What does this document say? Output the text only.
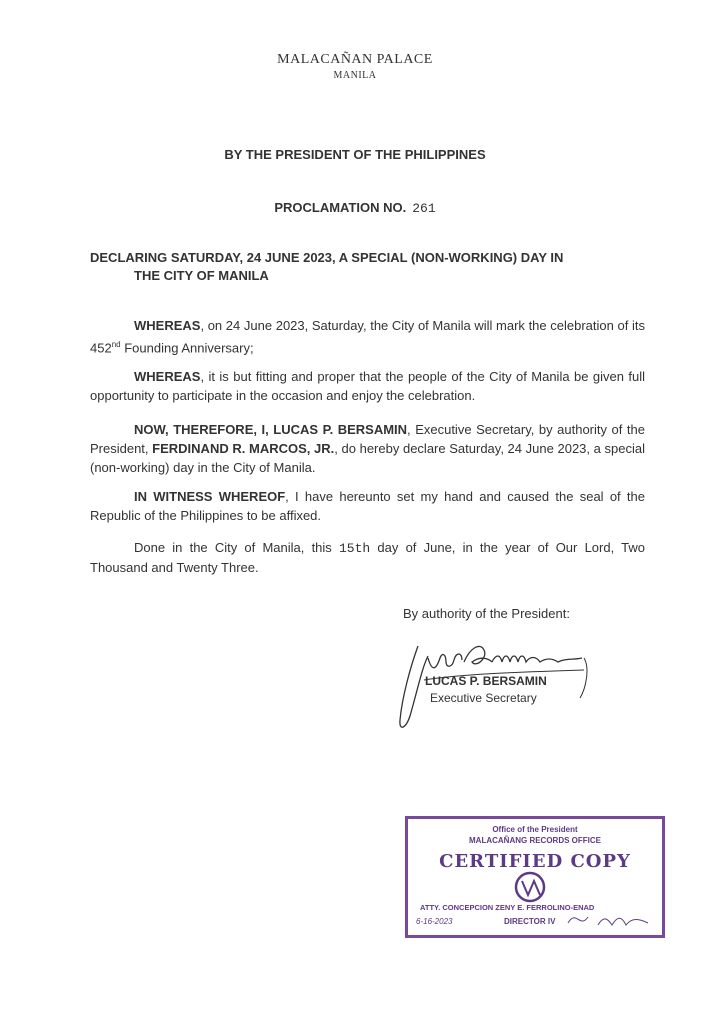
MALACAÑAN PALACE
MANILA
BY THE PRESIDENT OF THE PHILIPPINES
PROCLAMATION NO. 261
DECLARING SATURDAY, 24 JUNE 2023, A SPECIAL (NON-WORKING) DAY IN
THE CITY OF MANILA
WHEREAS, on 24 June 2023, Saturday, the City of Manila will mark the celebration of its 452nd Founding Anniversary;
WHEREAS, it is but fitting and proper that the people of the City of Manila be given full opportunity to participate in the occasion and enjoy the celebration.
NOW, THEREFORE, I, LUCAS P. BERSAMIN, Executive Secretary, by authority of the President, FERDINAND R. MARCOS, JR., do hereby declare Saturday, 24 June 2023, a special (non-working) day in the City of Manila.
IN WITNESS WHEREOF, I have hereunto set my hand and caused the seal of the Republic of the Philippines to be affixed.
Done in the City of Manila, this 15th day of June, in the year of Our Lord, Two Thousand and Twenty Three.
By authority of the President:
LUCAS P. BERSAMIN
Executive Secretary
Office of the President
MALACAÑANG RECORDS OFFICE
CERTIFIED COPY
ATTY. CONCEPCION ZENY E. FERROLINO-ENAD
6-16-2023	DIRECTOR IV
